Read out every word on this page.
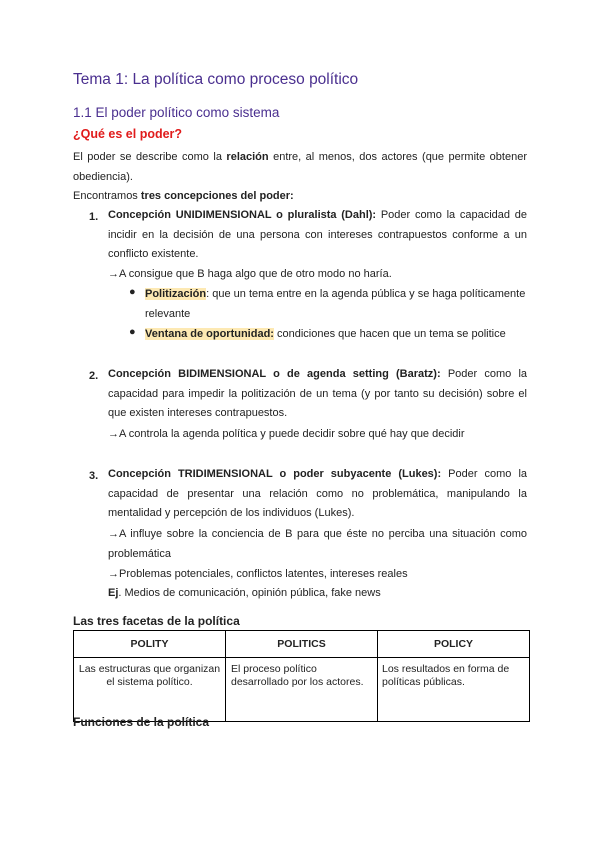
Tema 1: La política como proceso político
1.1 El poder político como sistema
¿Qué es el poder?
El poder se describe como la relación entre, al menos, dos actores (que permite obtener obediencia).
Encontramos tres concepciones del poder:
1. Concepción UNIDIMENSIONAL o pluralista (Dahl): Poder como la capacidad de incidir en la decisión de una persona con intereses contrapuestos conforme a un conflicto existente.
→A consigue que B haga algo que de otro modo no haría.
● Politización: que un tema entre en la agenda pública y se haga políticamente relevante
● Ventana de oportunidad: condiciones que hacen que un tema se politice
2. Concepción BIDIMENSIONAL o de agenda setting (Baratz): Poder como la capacidad para impedir la politización de un tema (y por tanto su decisión) sobre el que existen intereses contrapuestos.
→A controla la agenda política y puede decidir sobre qué hay que decidir
3. Concepción TRIDIMENSIONAL o poder subyacente (Lukes): Poder como la capacidad de presentar una relación como no problemática, manipulando la mentalidad y percepción de los individuos (Lukes).
→A influye sobre la conciencia de B para que éste no perciba una situación como problemática
→Problemas potenciales, conflictos latentes, intereses reales
Ej. Medios de comunicación, opinión pública, fake news
Las tres facetas de la política
POLITY	POLITICS	POLICY
Las estructuras que organizan el sistema político.	El proceso político desarrollado por los actores.	Los resultados en forma de políticas públicas.
Funciones de la política
